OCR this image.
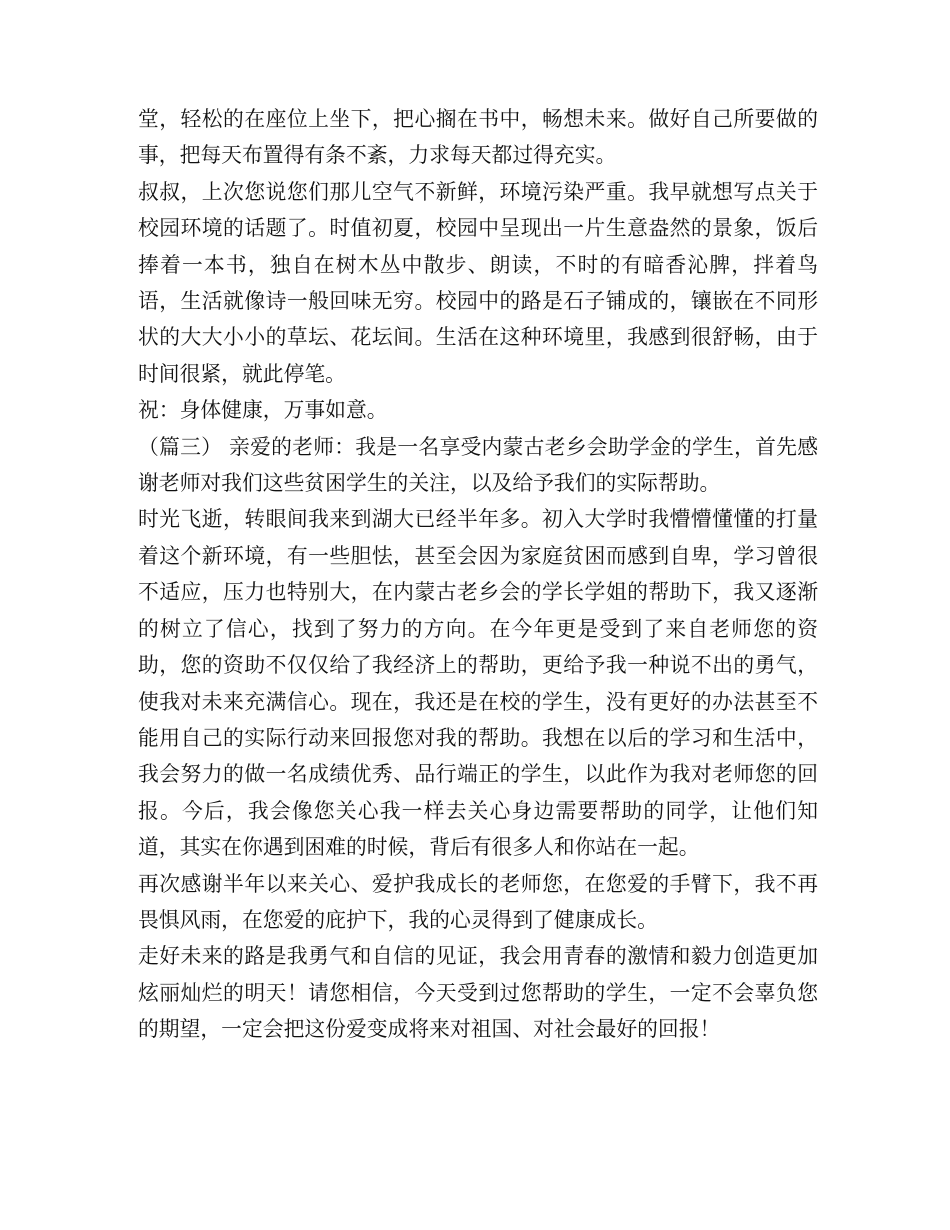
堂，轻松的在座位上坐下，把心搁在书中，畅想未来。做好自己所要做的事，把每天布置得有条不紊，力求每天都过得充实。

叔叔，上次您说您们那儿空气不新鲜，环境污染严重。我早就想写点关于校园环境的话题了。时值初夏，校园中呈现出一片生意盎然的景象，饭后捧着一本书，独自在树木丛中散步、朗读，不时的有暗香沁脾，拌着鸟语，生活就像诗一般回味无穷。校园中的路是石子铺成的，镶嵌在不同形状的大大小小的草坛、花坛间。生活在这种环境里，我感到很舒畅，由于时间很紧，就此停笔。

祝：身体健康，万事如意。

（篇三） 亲爱的老师：我是一名享受内蒙古老乡会助学金的学生，首先感谢老师对我们这些贫困学生的关注，以及给予我们的实际帮助。

时光飞逝，转眼间我来到湖大已经半年多。初入大学时我懵懵懂懂的打量着这个新环境，有一些胆怯，甚至会因为家庭贫困而感到自卑，学习曾很不适应，压力也特别大，在内蒙古老乡会的学长学姐的帮助下，我又逐渐的树立了信心，找到了努力的方向。在今年更是受到了来自老师您的资助，您的资助不仅仅给了我经济上的帮助，更给予我一种说不出的勇气，使我对未来充满信心。现在，我还是在校的学生，没有更好的办法甚至不能用自己的实际行动来回报您对我的帮助。我想在以后的学习和生活中，我会努力的做一名成绩优秀、品行端正的学生，以此作为我对老师您的回报。今后，我会像您关心我一样去关心身边需要帮助的同学，让他们知道，其实在你遇到困难的时候，背后有很多人和你站在一起。

再次感谢半年以来关心、爱护我成长的老师您，在您爱的手臂下，我不再畏惧风雨，在您爱的庇护下，我的心灵得到了健康成长。

走好未来的路是我勇气和自信的见证，我会用青春的激情和毅力创造更加炫丽灿烂的明天！请您相信，今天受到过您帮助的学生，一定不会辜负您的期望，一定会把这份爱变成将来对祖国、对社会最好的回报！
